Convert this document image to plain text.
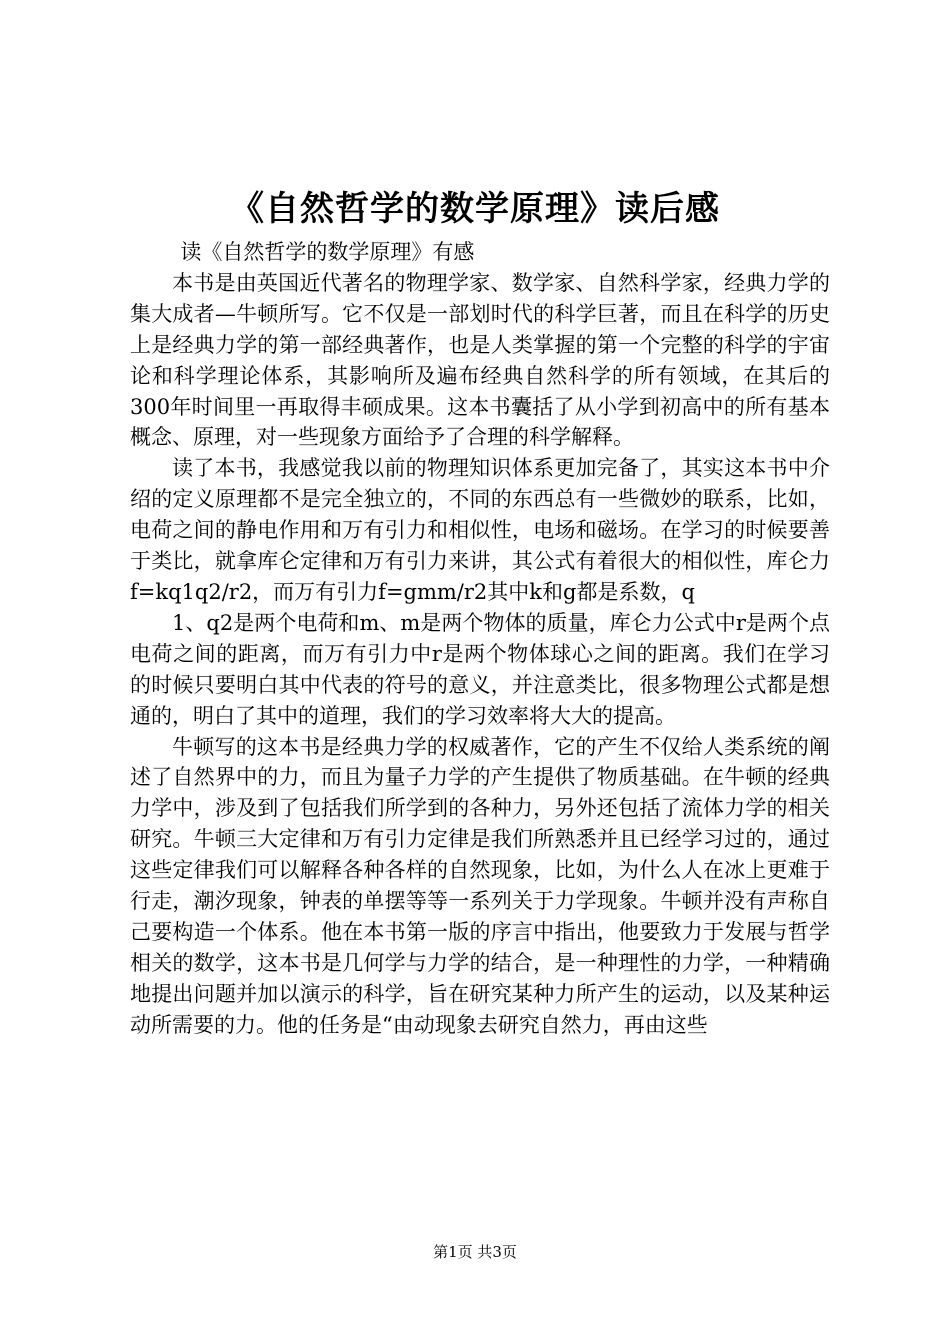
《自然哲学的数学原理》读后感

读《自然哲学的数学原理》有感

本书是由英国近代著名的物理学家、数学家、自然科学家，经典力学的集大成者—牛顿所写。它不仅是一部划时代的科学巨著，而且在科学的历史上是经典力学的第一部经典著作，也是人类掌握的第一个完整的科学的宇宙论和科学理论体系，其影响所及遍布经典自然科学的所有领域，在其后的300年时间里一再取得丰硕成果。这本书囊括了从小学到初高中的所有基本概念、原理，对一些现象方面给予了合理的科学解释。

读了本书，我感觉我以前的物理知识体系更加完备了，其实这本书中介绍的定义原理都不是完全独立的，不同的东西总有一些微妙的联系，比如，电荷之间的静电作用和万有引力和相似性，电场和磁场。在学习的时候要善于类比，就拿库仑定律和万有引力来讲，其公式有着很大的相似性，库仑力f=kq1q2/r2，而万有引力f=gmm/r2其中k和g都是系数，q

1、q2是两个电荷和m、m是两个物体的质量，库仑力公式中r是两个点电荷之间的距离，而万有引力中r是两个物体球心之间的距离。我们在学习的时候只要明白其中代表的符号的意义，并注意类比，很多物理公式都是想通的，明白了其中的道理，我们的学习效率将大大的提高。

牛顿写的这本书是经典力学的权威著作，它的产生不仅给人类系统的阐述了自然界中的力，而且为量子力学的产生提供了物质基础。在牛顿的经典力学中，涉及到了包括我们所学到的各种力，另外还包括了流体力学的相关研究。牛顿三大定律和万有引力定律是我们所熟悉并且已经学习过的，通过这些定律我们可以解释各种各样的自然现象，比如，为什么人在冰上更难于行走，潮汐现象，钟表的单摆等等一系列关于力学现象。牛顿并没有声称自己要构造一个体系。他在本书第一版的序言中指出，他要致力于发展与哲学相关的数学，这本书是几何学与力学的结合，是一种理性的力学，一种精确地提出问题并加以演示的科学，旨在研究某种力所产生的运动，以及某种运动所需要的力。他的任务是“由动现象去研究自然力，再由这些

第1页 共3页
